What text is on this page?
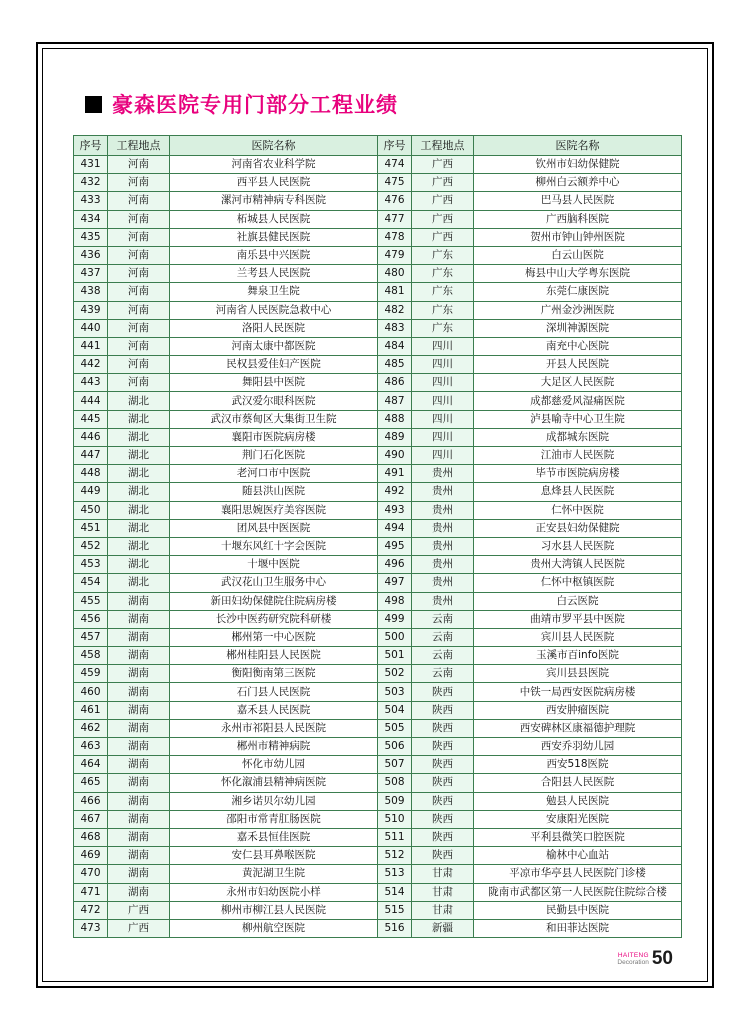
豪森医院专用门部分工程业绩
序号	工程地点	医院名称	序号	工程地点	医院名称
431	河南	河南省农业科学院	474	广西	钦州市妇幼保健院
432	河南	西平县人民医院	475	广西	柳州白云额养中心
433	河南	漯河市精神病专科医院	476	广西	巴马县人民医院
434	河南	柘城县人民医院	477	广西	广西脑科医院
435	河南	社旗县健民医院	478	广西	贺州市钟山钟州医院
436	河南	南乐县中兴医院	479	广东	白云山医院
437	河南	兰考县人民医院	480	广东	梅县中山大学粤东医院
438	河南	舞泉卫生院	481	广东	东莞仁康医院
439	河南	河南省人民医院急救中心	482	广东	广州金沙洲医院
440	河南	洛阳人民医院	483	广东	深圳神源医院
441	河南	河南太康中都医院	484	四川	南充中心医院
442	河南	民权县爱佳妇产医院	485	四川	开县人民医院
443	河南	舞阳县中医院	486	四川	大足区人民医院
444	湖北	武汉爱尔眼科医院	487	四川	成都慈爱风湿痛医院
445	湖北	武汉市蔡甸区大集街卫生院	488	四川	泸县喻寺中心卫生院
446	湖北	襄阳市医院病房楼	489	四川	成都城东医院
447	湖北	荆门石化医院	490	四川	江油市人民医院
448	湖北	老河口市中医院	491	贵州	毕节市医院病房楼
449	湖北	随县洪山医院	492	贵州	息烽县人民医院
450	湖北	襄阳思婉医疗美容医院	493	贵州	仁怀中医院
451	湖北	团风县中医医院	494	贵州	正安县妇幼保健院
452	湖北	十堰东风红十字会医院	495	贵州	习水县人民医院
453	湖北	十堰中医院	496	贵州	贵州大湾镇人民医院
454	湖北	武汉花山卫生服务中心	497	贵州	仁怀中枢镇医院
455	湖南	新田妇幼保健院住院病房楼	498	贵州	白云医院
456	湖南	长沙中医药研究院科研楼	499	云南	曲靖市罗平县中医院
457	湖南	郴州第一中心医院	500	云南	宾川县人民医院
458	湖南	郴州桂阳县人民医院	501	云南	玉溪市百info医院
459	湖南	衡阳衡南第三医院	502	云南	宾川县县医院
460	湖南	石门县人民医院	503	陕西	中铁一局西安医院病房楼
461	湖南	嘉禾县人民医院	504	陕西	西安肿瘤医院
462	湖南	永州市祁阳县人民医院	505	陕西	西安碑林区康福德护理院
463	湖南	郴州市精神病院	506	陕西	西安乔羽幼儿园
464	湖南	怀化市幼儿园	507	陕西	西安518医院
465	湖南	怀化溆浦县精神病医院	508	陕西	合阳县人民医院
466	湖南	湘乡诺贝尔幼儿园	509	陕西	勉县人民医院
467	湖南	邵阳市常青肛肠医院	510	陕西	安康阳光医院
468	湖南	嘉禾县恒佳医院	511	陕西	平利县微笑口腔医院
469	湖南	安仁县耳鼻喉医院	512	陕西	榆林中心血站
470	湖南	黄泥湖卫生院	513	甘肃	平凉市华亭县人民医院门诊楼
471	湖南	永州市妇幼医院小样	514	甘肃	陇南市武都区第一人民医院住院综合楼
472	广西	柳州市柳江县人民医院	515	甘肃	民勤县中医院
473	广西	柳州航空医院	516	新疆	和田菲达医院
HAITENG
Decoration 50
